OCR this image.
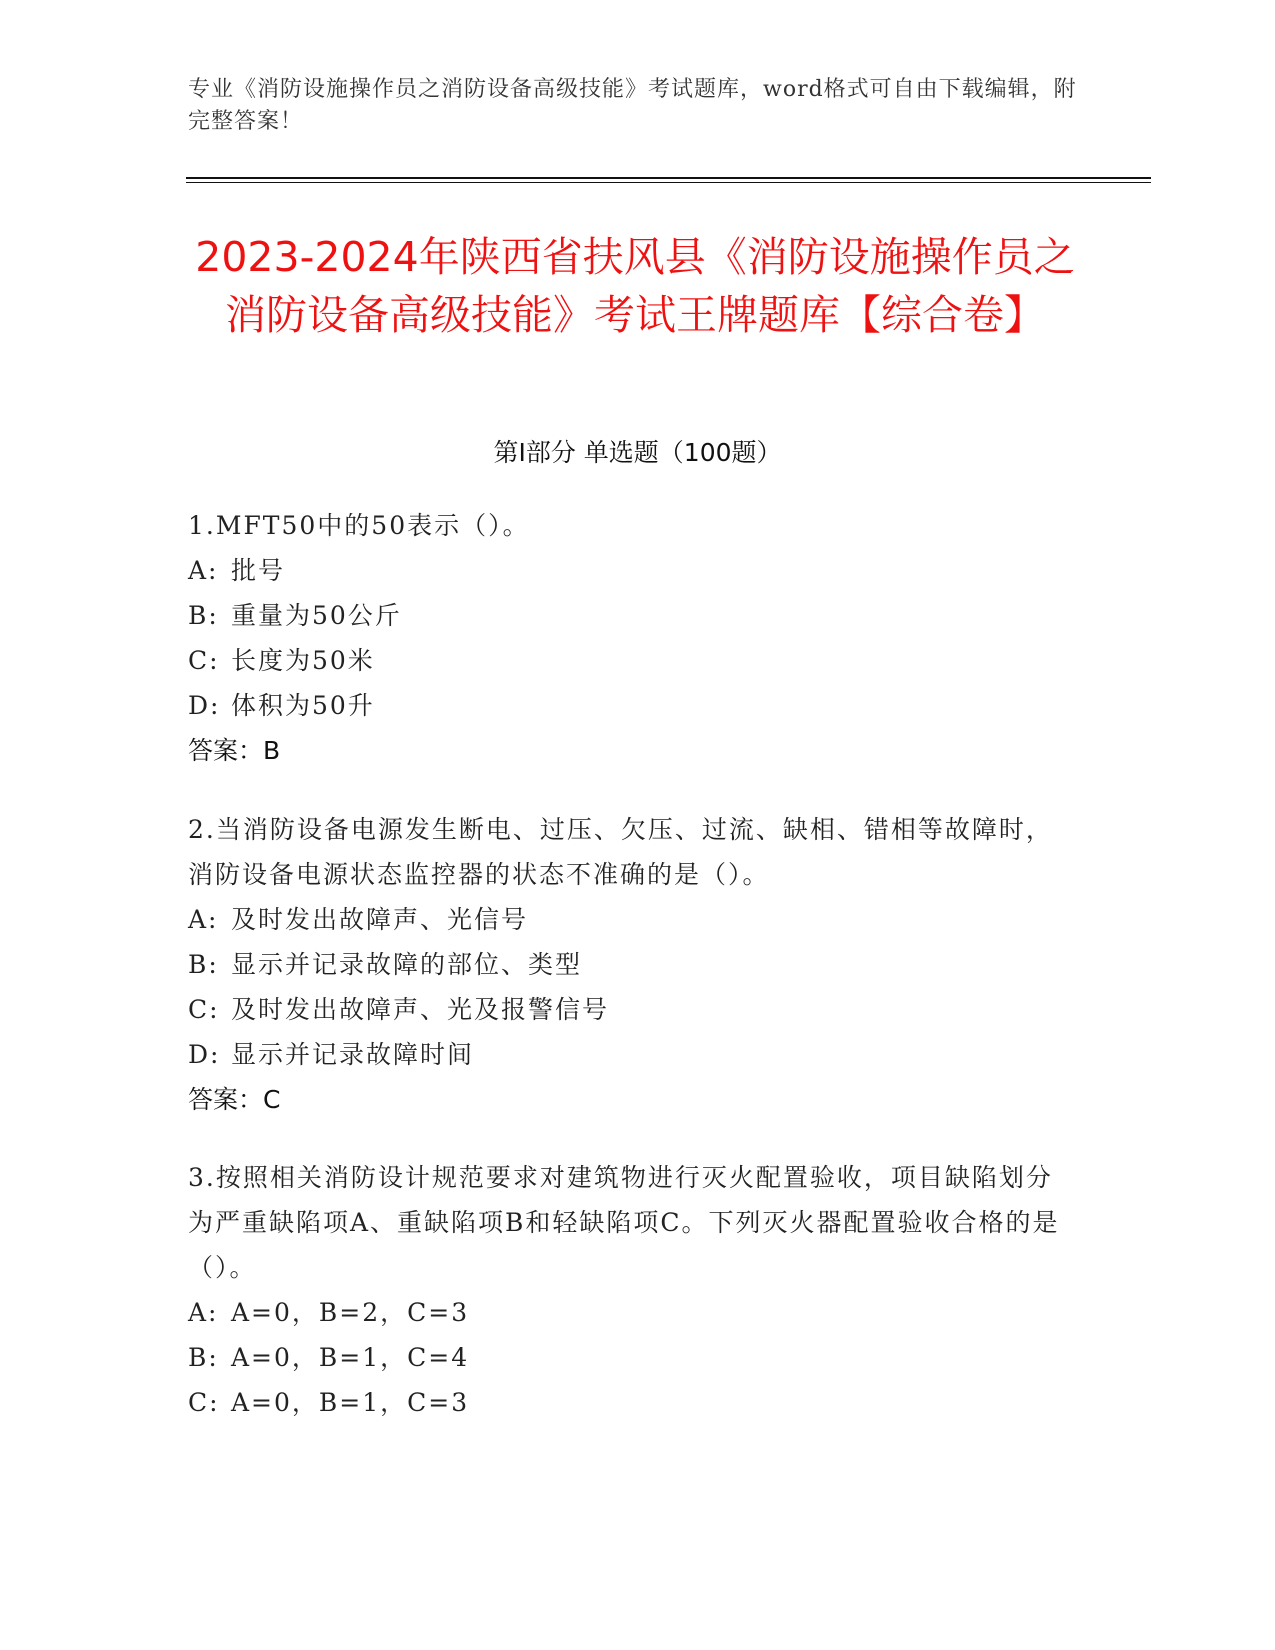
专业《消防设施操作员之消防设备高级技能》考试题库，word格式可自由下载编辑，附完整答案！
2023-2024年陕西省扶风县《消防设施操作员之消防设备高级技能》考试王牌题库【综合卷】
第I部分 单选题（100题）
1.MFT50中的50表示（）。
A: 批号
B: 重量为50公斤
C: 长度为50米
D: 体积为50升
答案：B
2.当消防设备电源发生断电、过压、欠压、过流、缺相、错相等故障时，消防设备电源状态监控器的状态不准确的是（）。
A: 及时发出故障声、光信号
B: 显示并记录故障的部位、类型
C: 及时发出故障声、光及报警信号
D: 显示并记录故障时间
答案：C
3.按照相关消防设计规范要求对建筑物进行灭火配置验收，项目缺陷划分为严重缺陷项A、重缺陷项B和轻缺陷项C。下列灭火器配置验收合格的是（）。
A: A=0，B=2，C=3
B: A=0，B=1，C=4
C: A=0，B=1，C=3
